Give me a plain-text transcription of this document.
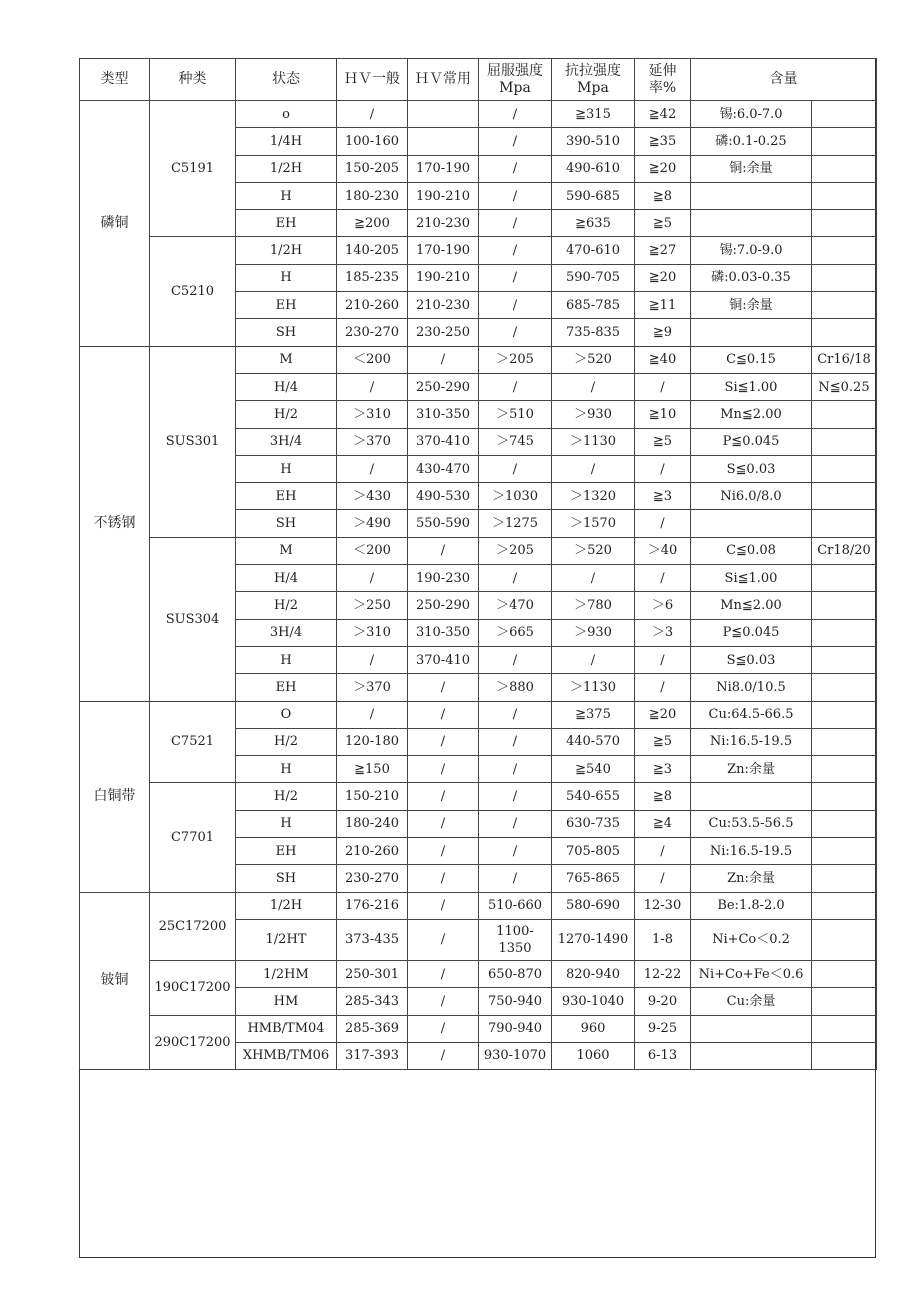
类型	种类	状态	ＨＶ一般	ＨＶ常用	屈服强度Mpa	抗拉强度Mpa	延伸率%	含量	
磷铜	C5191	o	/		/	≧315	≧42	锡:6.0-7.0	
		1/4H	100-160		/	390-510	≧35	磷:0.1-0.25	
		1/2H	150-205	170-190	/	490-610	≧20	铜:余量	
		H	180-230	190-210	/	590-685	≧8		
		EH	≧200	210-230	/	≧635	≧5		
	C5210	1/2H	140-205	170-190	/	470-610	≧27	锡:7.0-9.0	
		H	185-235	190-210	/	590-705	≧20	磷:0.03-0.35	
		EH	210-260	210-230	/	685-785	≧11	铜:余量	
		SH	230-270	230-250	/	735-835	≧9		
不锈钢	SUS301	M	＜200	/	＞205	＞520	≧40	C≦0.15	Cr16/18
		H/4	/	250-290	/	/	/	Si≦1.00	N≦0.25
		H/2	＞310	310-350	＞510	＞930	≧10	Mn≦2.00	
		3H/4	＞370	370-410	＞745	＞1130	≧5	P≦0.045	
		H	/	430-470	/	/	/	S≦0.03	
		EH	＞430	490-530	＞1030	＞1320	≧3	Ni6.0/8.0	
		SH	＞490	550-590	＞1275	＞1570	/		
	SUS304	M	＜200	/	＞205	＞520	＞40	C≦0.08	Cr18/20
		H/4	/	190-230	/	/	/	Si≦1.00	
		H/2	＞250	250-290	＞470	＞780	＞6	Mn≦2.00	
		3H/4	＞310	310-350	＞665	＞930	＞3	P≦0.045	
		H	/	370-410	/	/	/	S≦0.03	
		EH	＞370	/	＞880	＞1130	/	Ni8.0/10.5	
白铜带	C7521	O	/	/	/	≧375	≧20	Cu:64.5-66.5	
		H/2	120-180	/	/	440-570	≧5	Ni:16.5-19.5	
		H	≧150	/	/	≧540	≧3	Zn:余量	
	C7701	H/2	150-210	/	/	540-655	≧8		
		H	180-240	/	/	630-735	≧4	Cu:53.5-56.5	
		EH	210-260	/	/	705-805	/	Ni:16.5-19.5	
		SH	230-270	/	/	765-865	/	Zn:余量	
铍铜	25C17200	1/2H	176-216	/	510-660	580-690	12-30	Be:1.8-2.0	
		1/2HT	373-435	/	1100-1350	1270-1490	1-8	Ni+Co＜0.2	
	190C17200	1/2HM	250-301	/	650-870	820-940	12-22	Ni+Co+Fe＜0.6	
		HM	285-343	/	750-940	930-1040	9-20	Cu:余量	
	290C17200	HMB/TM04	285-369	/	790-940	960	9-25		
		XHMB/TM06	317-393	/	930-1070	1060	6-13		
